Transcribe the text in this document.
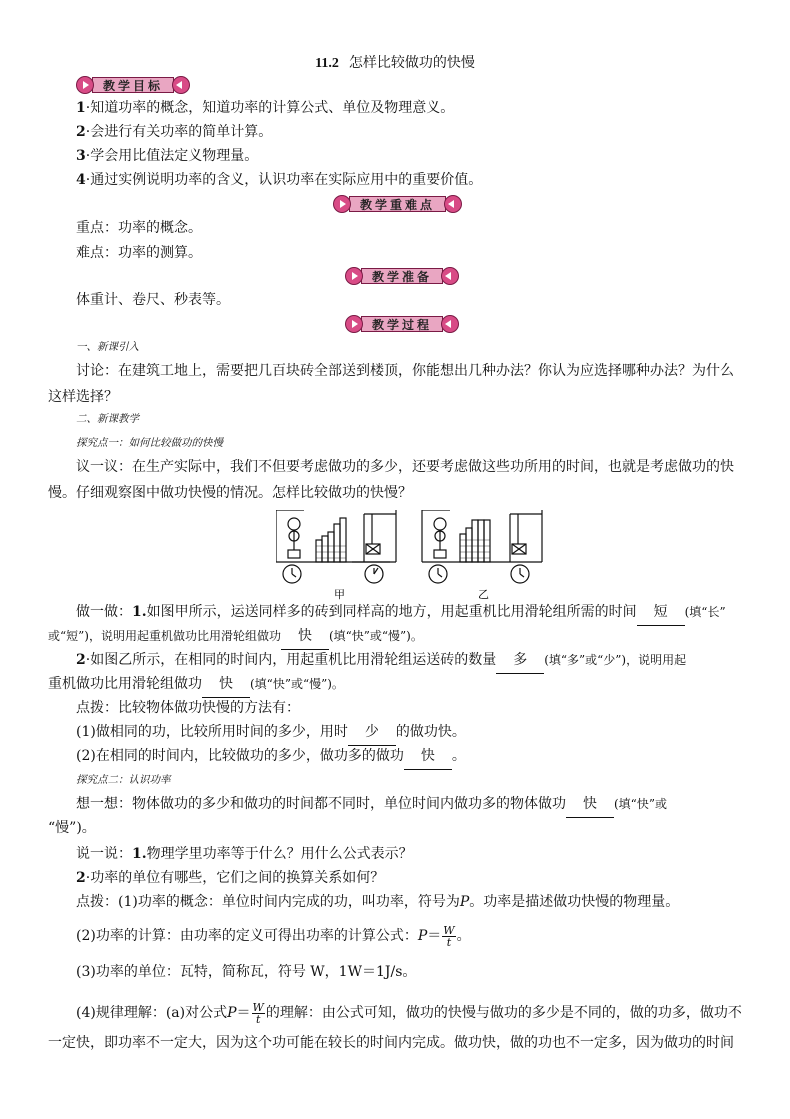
11.2 怎样比较做功的快慢
教学目标
1·知道功率的概念，知道功率的计算公式、单位及物理意义。
2·会进行有关功率的简单计算。
3·学会用比值法定义物理量。
4·通过实例说明功率的含义，认识功率在实际应用中的重要价值。
教学重难点
重点：功率的概念。
难点：功率的测算。
教学准备
体重计、卷尺、秒表等。
教学过程
一、新课引入
讨论：在建筑工地上，需要把几百块砖全部送到楼顶，你能想出几种办法？你认为应选择哪种办法？为什么这样选择？
二、新课教学
探究点一：如何比较做功的快慢
议一议：在生产实际中，我们不但要考虑做功的多少，还要考虑做这些功所用的时间，也就是考虑做功的快慢。仔细观察图中做功快慢的情况。怎样比较做功的快慢？
甲	乙
做一做：1.如图甲所示，运送同样多的砖到同样高的地方，用起重机比用滑轮组所需的时间 短 (填“长”
或“短”)，说明用起重机做功比用滑轮组做功 快 (填“快”或“慢”)。
2·如图乙所示，在相同的时间内，用起重机比用滑轮组运送砖的数量 多 (填“多”或“少”)，说明用起
重机做功比用滑轮组做功 快 (填“快”或“慢”)。
点拨：比较物体做功快慢的方法有：
(1)做相同的功，比较所用时间的多少，用时 少 的做功快。
(2)在相同的时间内，比较做功的多少，做功多的做功 快 。
探究点二：认识功率
想一想：物体做功的多少和做功的时间都不同时，单位时间内做功多的物体做功 快 (填“快”或
“慢”)。
说一说：1.物理学里功率等于什么？用什么公式表示？
2·功率的单位有哪些，它们之间的换算关系如何？
点拨：(1)功率的概念：单位时间内完成的功，叫功率，符号为P。功率是描述做功快慢的物理量。
(2)功率的计算：由功率的定义可得出功率的计算公式：$P= \frac{W}{t}$ 。
(3)功率的单位：瓦特，简称瓦，符号 W，1W＝1J/s。
(4)规律理解：(a)对公式$P= \frac{W}{t}$ 的理解：由公式可知，做功的快慢与做功的多少是不同的，做的功多，做功不
一定快，即功率不一定大，因为这个功可能在较长的时间内完成。做功快，做的功也不一定多，因为做功的时间
